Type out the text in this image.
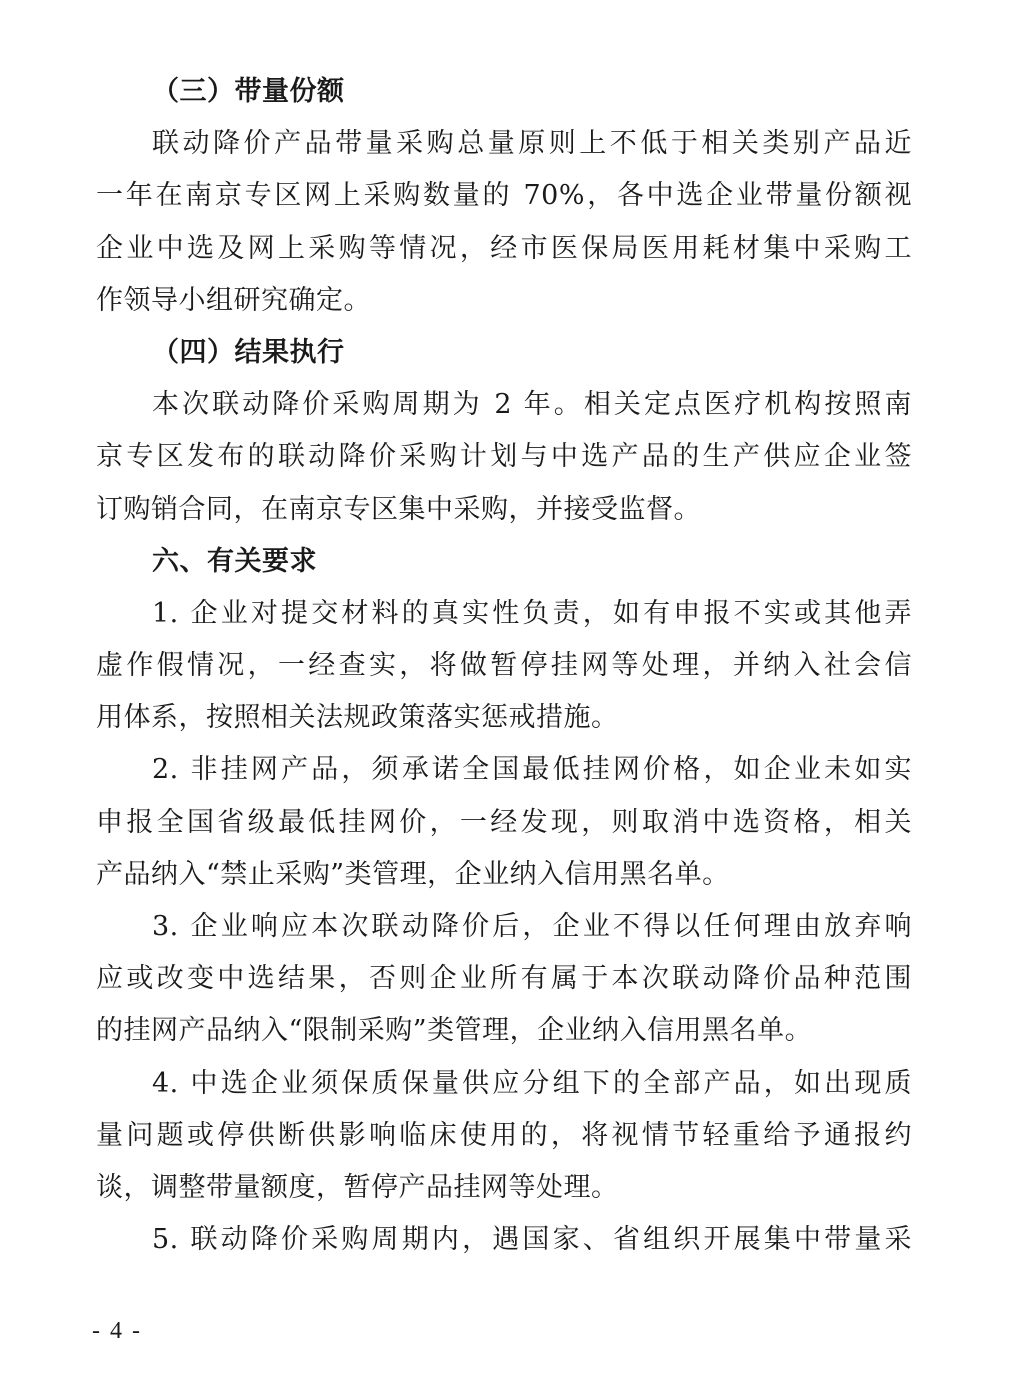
（三）带量份额
联动降价产品带量采购总量原则上不低于相关类别产品近
一年在南京专区网上采购数量的 70%，各中选企业带量份额视
企业中选及网上采购等情况，经市医保局医用耗材集中采购工
作领导小组研究确定。
（四）结果执行
本次联动降价采购周期为 2 年。相关定点医疗机构按照南
京专区发布的联动降价采购计划与中选产品的生产供应企业签
订购销合同，在南京专区集中采购，并接受监督。
六、有关要求
1. 企业对提交材料的真实性负责，如有申报不实或其他弄
虚作假情况，一经查实，将做暂停挂网等处理，并纳入社会信
用体系，按照相关法规政策落实惩戒措施。
2. 非挂网产品，须承诺全国最低挂网价格，如企业未如实
申报全国省级最低挂网价，一经发现，则取消中选资格，相关
产品纳入“禁止采购”类管理，企业纳入信用黑名单。
3. 企业响应本次联动降价后，企业不得以任何理由放弃响
应或改变中选结果，否则企业所有属于本次联动降价品种范围
的挂网产品纳入“限制采购”类管理，企业纳入信用黑名单。
4. 中选企业须保质保量供应分组下的全部产品，如出现质
量问题或停供断供影响临床使用的，将视情节轻重给予通报约
谈，调整带量额度，暂停产品挂网等处理。
5. 联动降价采购周期内，遇国家、省组织开展集中带量采
- 4 -
